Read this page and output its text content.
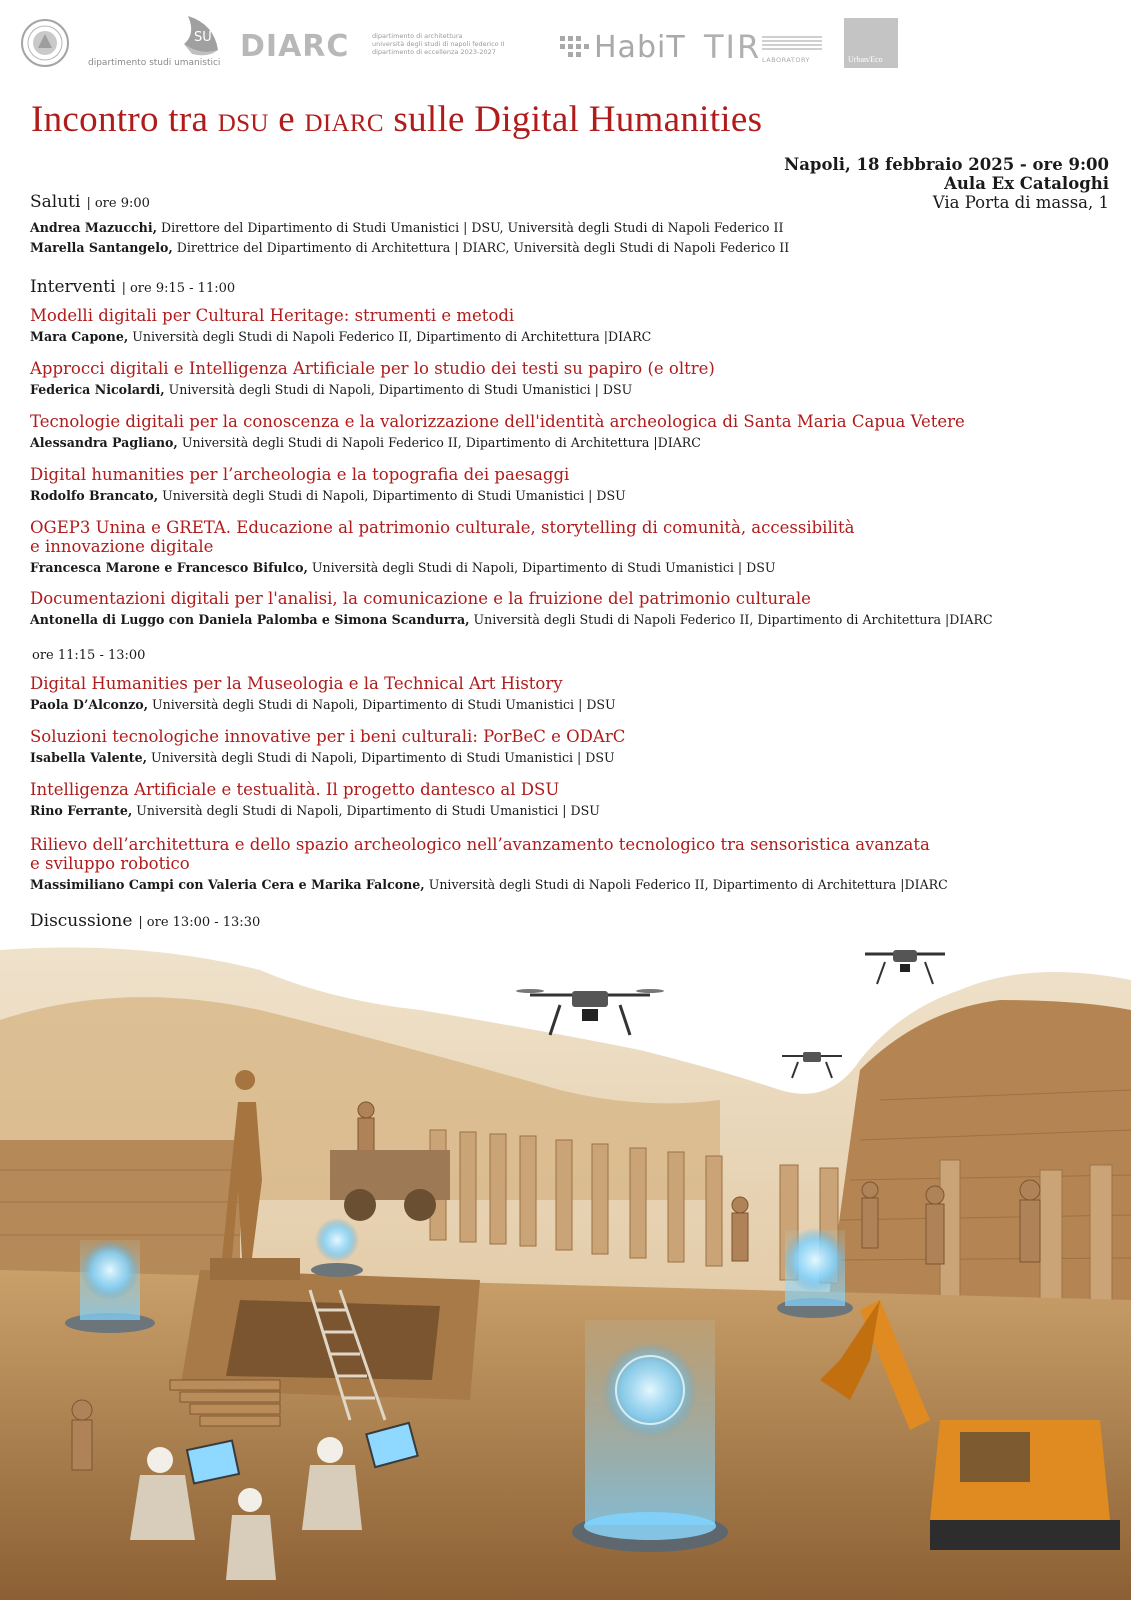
SU
dipartimento studi umanistici DIARC	dipartimento di architettura
università degli studi di napoli federico II
dipartimento di eccellenza 2023-2027	HabiT TIR LABORATORY	Urban/Eco
Incontro tra DSU e DIARC sulle Digital Humanities
Napoli, 18 febbraio 2025 - ore 9:00
Aula Ex Cataloghi
Via Porta di massa, 1
Saluti | ore 9:00
Andrea Mazucchi, Direttore del Dipartimento di Studi Umanistici | DSU, Università degli Studi di Napoli Federico II
Marella Santangelo, Direttrice del Dipartimento di Architettura | DIARC, Università degli Studi di Napoli Federico II
Interventi | ore 9:15 - 11:00
Modelli digitali per Cultural Heritage: strumenti e metodi
Mara Capone, Università degli Studi di Napoli Federico II, Dipartimento di Architettura |DIARC
Approcci digitali e Intelligenza Artificiale per lo studio dei testi su papiro (e oltre)
Federica Nicolardi, Università degli Studi di Napoli, Dipartimento di Studi Umanistici | DSU
Tecnologie digitali per la conoscenza e la valorizzazione dell'identità archeologica di Santa Maria Capua Vetere
Alessandra Pagliano, Università degli Studi di Napoli Federico II, Dipartimento di Architettura |DIARC
Digital humanities per l’archeologia e la topografia dei paesaggi
Rodolfo Brancato, Università degli Studi di Napoli, Dipartimento di Studi Umanistici | DSU
OGEP3 Unina e GRETA. Educazione al patrimonio culturale, storytelling di comunità, accessibilità
e innovazione digitale
Francesca Marone e Francesco Bifulco, Università degli Studi di Napoli, Dipartimento di Studi Umanistici | DSU
Documentazioni digitali per l'analisi, la comunicazione e la fruizione del patrimonio culturale
Antonella di Luggo con Daniela Palomba e Simona Scandurra, Università degli Studi di Napoli Federico II, Dipartimento di Architettura |DIARC
ore 11:15 - 13:00
Digital Humanities per la Museologia e la Technical Art History
Paola D’Alconzo, Università degli Studi di Napoli, Dipartimento di Studi Umanistici | DSU
Soluzioni tecnologiche innovative per i beni culturali: PorBeC e ODArC
Isabella Valente, Università degli Studi di Napoli, Dipartimento di Studi Umanistici | DSU
Intelligenza Artificiale e testualità. Il progetto dantesco al DSU
Rino Ferrante, Università degli Studi di Napoli, Dipartimento di Studi Umanistici | DSU
Rilievo dell’architettura e dello spazio archeologico nell’avanzamento tecnologico tra sensoristica avanzata
e sviluppo robotico
Massimiliano Campi con Valeria Cera e Marika Falcone, Università degli Studi di Napoli Federico II, Dipartimento di Architettura |DIARC
Discussione | ore 13:00 - 13:30
